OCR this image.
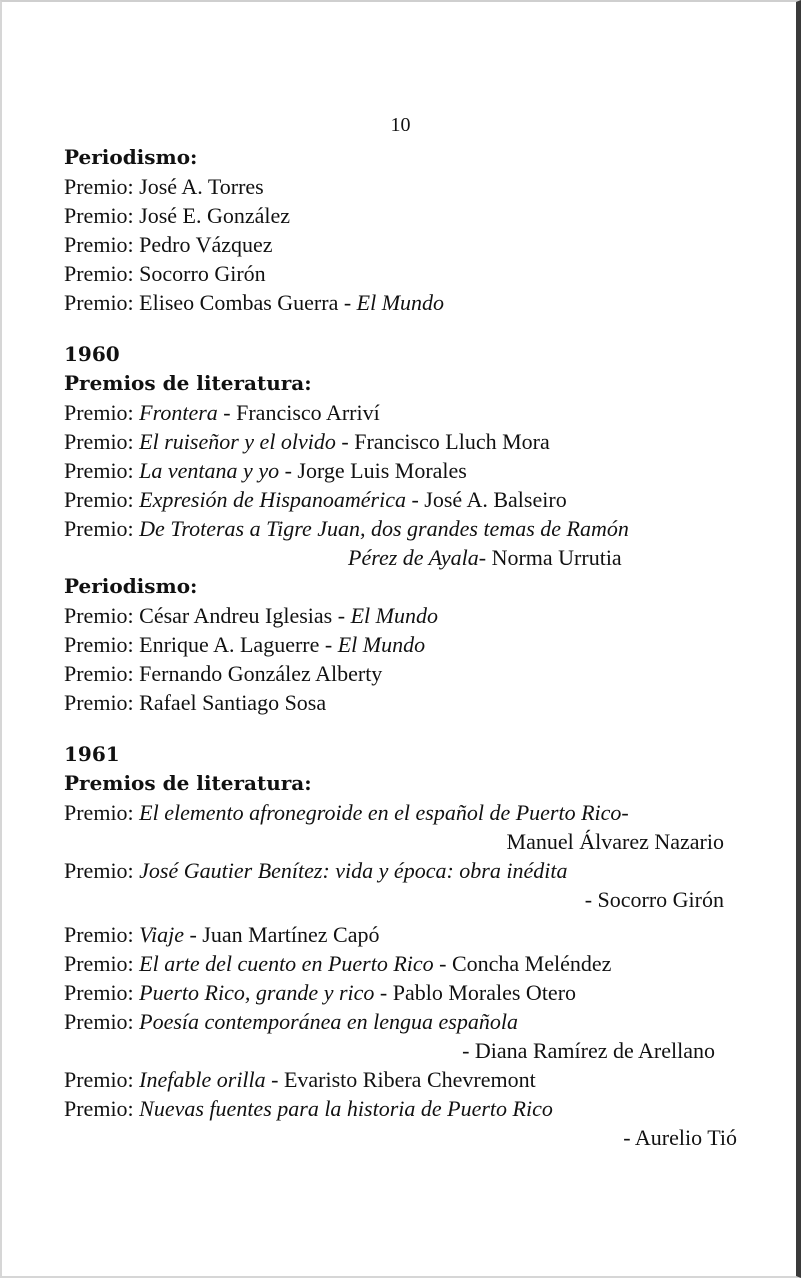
10
Periodismo:
Premio: José A. Torres
Premio: José E. González
Premio: Pedro Vázquez
Premio: Socorro Girón
Premio: Eliseo Combas Guerra - El Mundo
1960
Premios de literatura:
Premio: Frontera - Francisco Arriví
Premio: El ruiseñor y el olvido - Francisco Lluch Mora
Premio: La ventana y yo - Jorge Luis Morales
Premio: Expresión de Hispanoamérica - José A. Balseiro
Premio: De Troteras a Tigre Juan, dos grandes temas de Ramón
Pérez de Ayala- Norma Urrutia
Periodismo:
Premio: César Andreu Iglesias - El Mundo
Premio: Enrique A. Laguerre - El Mundo
Premio: Fernando González Alberty
Premio: Rafael Santiago Sosa
1961
Premios de literatura:
Premio: El elemento afronegroide en el español de Puerto Rico-
Manuel Álvarez Nazario
Premio: José Gautier Benítez: vida y época: obra inédita
- Socorro Girón
Premio: Viaje - Juan Martínez Capó
Premio: El arte del cuento en Puerto Rico - Concha Meléndez
Premio: Puerto Rico, grande y rico - Pablo Morales Otero
Premio: Poesía contemporánea en lengua española
- Diana Ramírez de Arellano
Premio: Inefable orilla - Evaristo Ribera Chevremont
Premio: Nuevas fuentes para la historia de Puerto Rico
- Aurelio Tió
